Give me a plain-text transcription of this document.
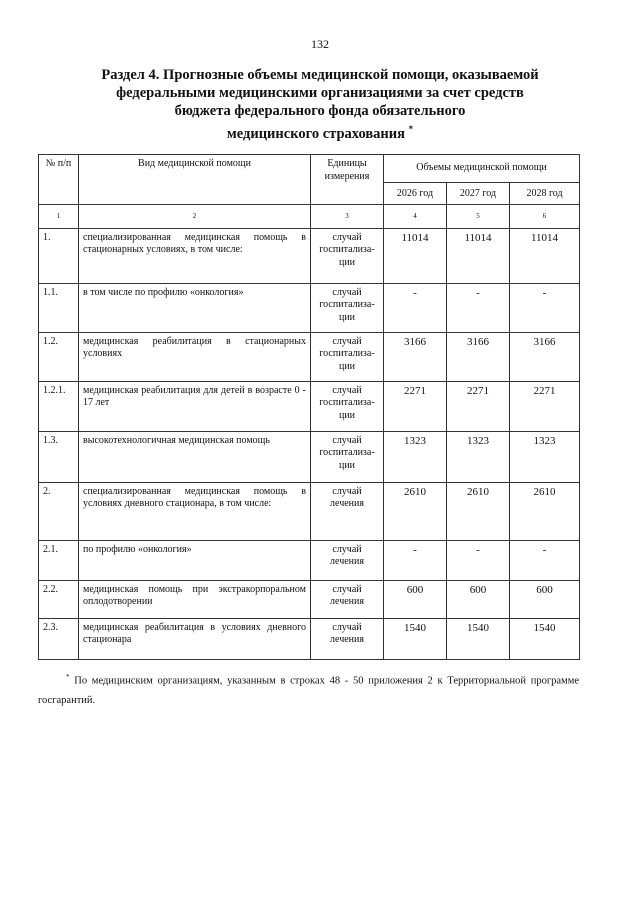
132
Раздел 4. Прогнозные объемы медицинской помощи, оказываемой
федеральными медицинскими организациями за счет средств
бюджета федерального фонда обязательного
медицинского страхования *
№ п/п	Вид медицинской помощи	Единицы измерения	Объемы медицинской помощи		
			2026 год	2027 год	2028 год
1	2	3	4	5	6
1.	специализированная медицинская помощь в стационарных условиях, в том числе:	случай госпитализа-ции	11014	11014	11014
1.1.	в том числе по профилю «онкология»	случай госпитализа-ции	-	-	-
1.2.	медицинская реабилитация в стационарных условиях	случай госпитализа-ции	3166	3166	3166
1.2.1.	медицинская реабилитация для детей в возрасте 0 - 17 лет	случай госпитализа-ции	2271	2271	2271
1.3.	высокотехнологичная медицинская помощь	случай госпитализа-ции	1323	1323	1323
2.	специализированная медицинская помощь в условиях дневного стационара, в том числе:	случай лечения	2610	2610	2610
2.1.	по профилю «онкология»	случай лечения	-	-	-
2.2.	медицинская помощь при экстракорпоральном оплодотворении	случай лечения	600	600	600
2.3.	медицинская реабилитация в условиях дневного стационара	случай лечения	1540	1540	1540
* По медицинским организациям, указанным в строках 48 - 50 приложения 2 к Территориальной программе госгарантий.
